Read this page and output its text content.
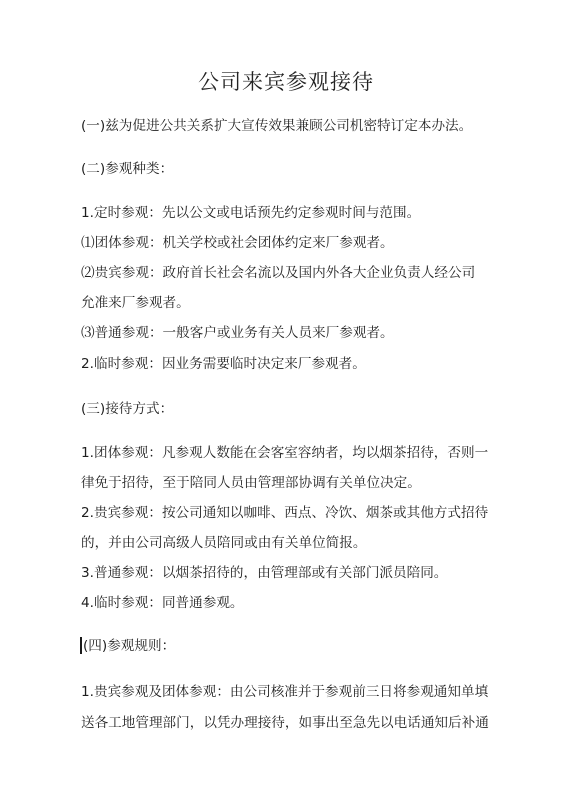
公司来宾参观接待
(一)兹为促进公共关系扩大宣传效果兼顾公司机密特订定本办法。
(二)参观种类：
1.定时参观：先以公文或电话预先约定参观时间与范围。
⑴团体参观：机关学校或社会团体约定来厂参观者。
⑵贵宾参观：政府首长社会名流以及国内外各大企业负责人经公司
允准来厂参观者。
⑶普通参观：一般客户或业务有关人员来厂参观者。
2.临时参观：因业务需要临时决定来厂参观者。
(三)接待方式：
1.团体参观：凡参观人数能在会客室容纳者，均以烟茶招待，否则一
律免于招待，至于陪同人员由管理部协调有关单位决定。
2.贵宾参观：按公司通知以咖啡、西点、冷饮、烟茶或其他方式招待
的，并由公司高级人员陪同或由有关单位简报。
3.普通参观：以烟茶招待的，由管理部或有关部门派员陪同。
4.临时参观：同普通参观。
(四)参观规则：
1.贵宾参观及团体参观：由公司核准并于参观前三日将参观通知单填
送各工地管理部门，以凭办理接待，如事出至急先以电话通知后补通
